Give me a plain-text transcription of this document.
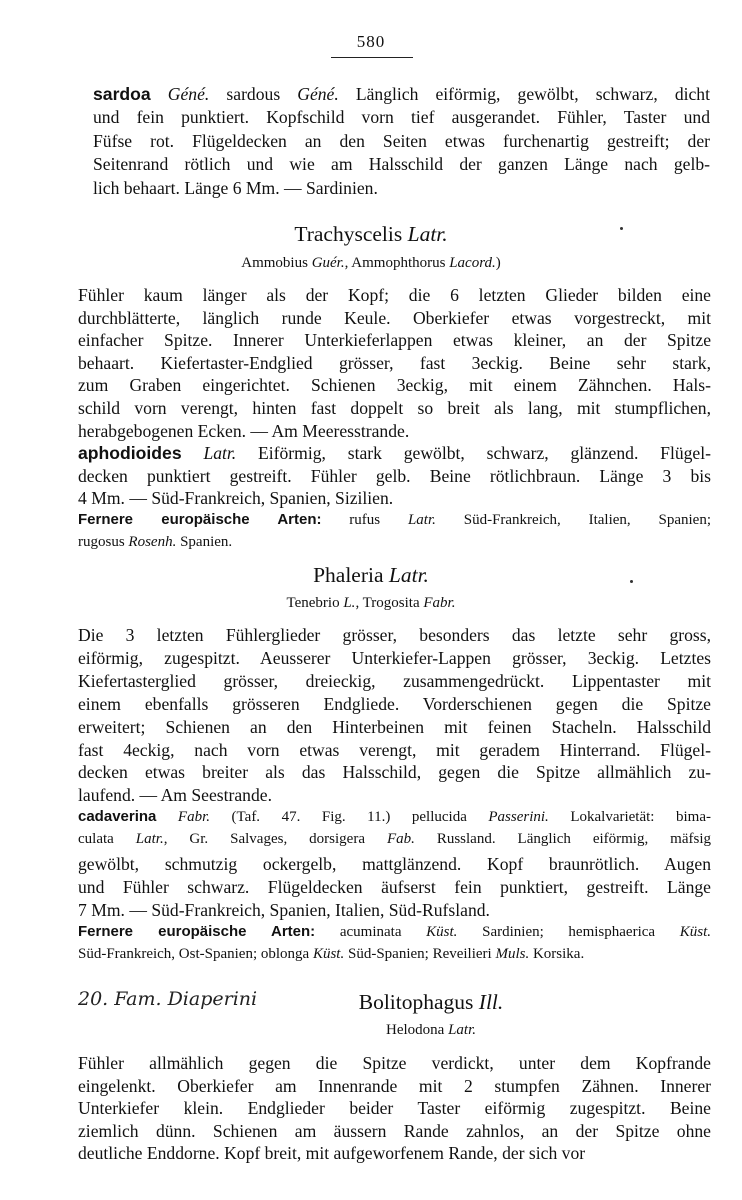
580
Trachyscelis Latr.
Ammobius Guér., Ammophthorus Lacord.)
Phaleria Latr.
Tenebrio L., Trogosita Fabr.
20. Fam. Diaperini	Bolitophagus Ill.
Helodona Latr.
sardoa Géné. sardous Géné. Länglich eiförmig, gewölbt, schwarz, dicht
und fein punktiert. Kopfschild vorn tief ausgerandet. Fühler, Taster und
Füfse rot. Flügeldecken an den Seiten etwas furchenartig gestreift; der
Seitenrand rötlich und wie am Halsschild der ganzen Länge nach gelb-
lich behaart. Länge 6 Mm. — Sardinien.
Fühler kaum länger als der Kopf; die 6 letzten Glieder bilden eine
durchblätterte, länglich runde Keule. Oberkiefer etwas vorgestreckt, mit
einfacher Spitze. Innerer Unterkieferlappen etwas kleiner, an der Spitze
behaart. Kiefertaster-Endglied grösser, fast 3eckig. Beine sehr stark,
zum Graben eingerichtet. Schienen 3eckig, mit einem Zähnchen. Hals-
schild vorn verengt, hinten fast doppelt so breit als lang, mit stumpflichen,
herabgebogenen Ecken. — Am Meeresstrande.
aphodioides Latr. Eiförmig, stark gewölbt, schwarz, glänzend. Flügel-
decken punktiert gestreift. Fühler gelb. Beine rötlichbraun. Länge 3 bis
4 Mm. — Süd-Frankreich, Spanien, Sizilien.
Fernere europäische Arten: rufus Latr. Süd-Frankreich, Italien, Spanien;
rugosus Rosenh. Spanien.
Die 3 letzten Fühlerglieder grösser, besonders das letzte sehr gross,
eiförmig, zugespitzt. Aeusserer Unterkiefer-Lappen grösser, 3eckig. Letztes
Kiefertasterglied grösser, dreieckig, zusammengedrückt. Lippentaster mit
einem ebenfalls grösseren Endgliede. Vorderschienen gegen die Spitze
erweitert; Schienen an den Hinterbeinen mit feinen Stacheln. Halsschild
fast 4eckig, nach vorn etwas verengt, mit geradem Hinterrand. Flügel-
decken etwas breiter als das Halsschild, gegen die Spitze allmählich zu-
laufend. — Am Seestrande.
cadaverina Fabr. (Taf. 47. Fig. 11.) pellucida Passerini. Lokalvarietät: bima-
culata Latr., Gr. Salvages, dorsigera Fab. Russland. Länglich eiförmig, mäfsig
gewölbt, schmutzig ockergelb, mattglänzend. Kopf braunrötlich. Augen
und Fühler schwarz. Flügeldecken äufserst fein punktiert, gestreift. Länge
7 Mm. — Süd-Frankreich, Spanien, Italien, Süd-Rufsland.
Fernere europäische Arten: acuminata Küst. Sardinien; hemisphaerica Küst.
Süd-Frankreich, Ost-Spanien; oblonga Küst. Süd-Spanien; Reveilieri Muls. Korsika.
Fühler allmählich gegen die Spitze verdickt, unter dem Kopfrande
eingelenkt. Oberkiefer am Innenrande mit 2 stumpfen Zähnen. Innerer
Unterkiefer klein. Endglieder beider Taster eiförmig zugespitzt. Beine
ziemlich dünn. Schienen am äussern Rande zahnlos, an der Spitze ohne
deutliche Enddorne. Kopf breit, mit aufgeworfenem Rande, der sich vor
